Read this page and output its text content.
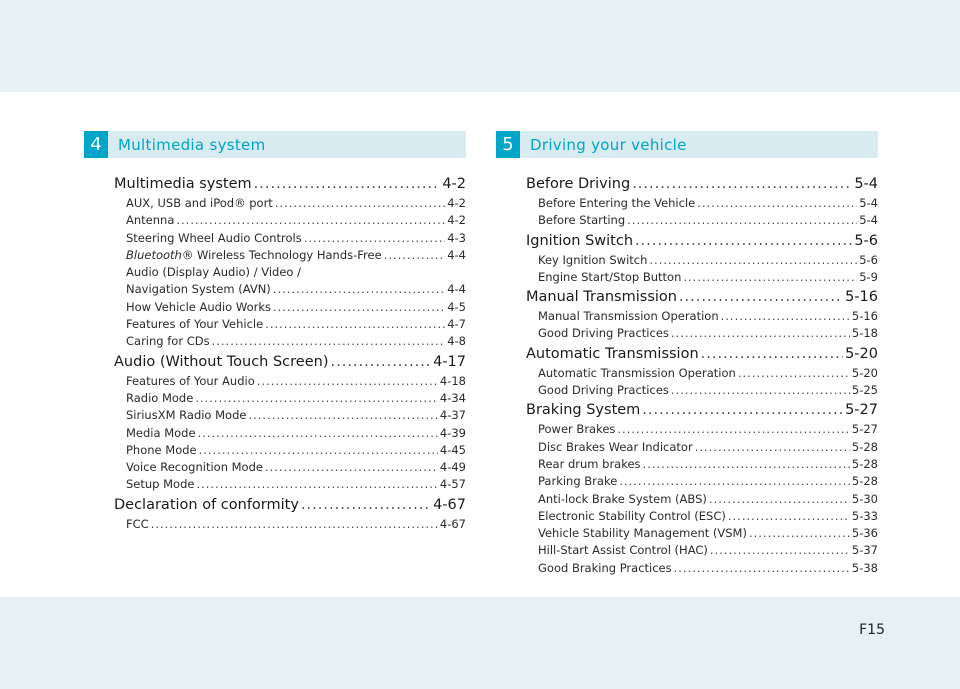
4	Multimedia system
Multimedia system .....	4-2
AUX, USB and iPod® port .....	4-2
Antenna .....	4-2
Steering Wheel Audio Controls .....	4-3
Bluetooth® Wireless Technology Hands-Free .....	4-4
Audio (Display Audio) / Video /
Navigation System (AVN) .....	4-4
How Vehicle Audio Works .....	4-5
Features of Your Vehicle .....	4-7
Caring for CDs .....	4-8
Audio (Without Touch Screen) .....	4-17
Features of Your Audio .....	4-18
Radio Mode .....	4-34
SiriusXM Radio Mode .....	4-37
Media Mode .....	4-39
Phone Mode .....	4-45
Voice Recognition Mode .....	4-49
Setup Mode .....	4-57
Declaration of conformity .....	4-67
FCC .....	4-67
5	Driving your vehicle
Before Driving .....	5-4
Before Entering the Vehicle .....	5-4
Before Starting .....	5-4
Ignition Switch .....	5-6
Key Ignition Switch .....	5-6
Engine Start/Stop Button .....	5-9
Manual Transmission .....	5-16
Manual Transmission Operation .....	5-16
Good Driving Practices .....	5-18
Automatic Transmission .....	5-20
Automatic Transmission Operation .....	5-20
Good Driving Practices .....	5-25
Braking System .....	5-27
Power Brakes .....	5-27
Disc Brakes Wear Indicator .....	5-28
Rear drum brakes .....	5-28
Parking Brake .....	5-28
Anti-lock Brake System (ABS) .....	5-30
Electronic Stability Control (ESC) .....	5-33
Vehicle Stability Management (VSM) .....	5-36
Hill-Start Assist Control (HAC) .....	5-37
Good Braking Practices .....	5-38
F15
